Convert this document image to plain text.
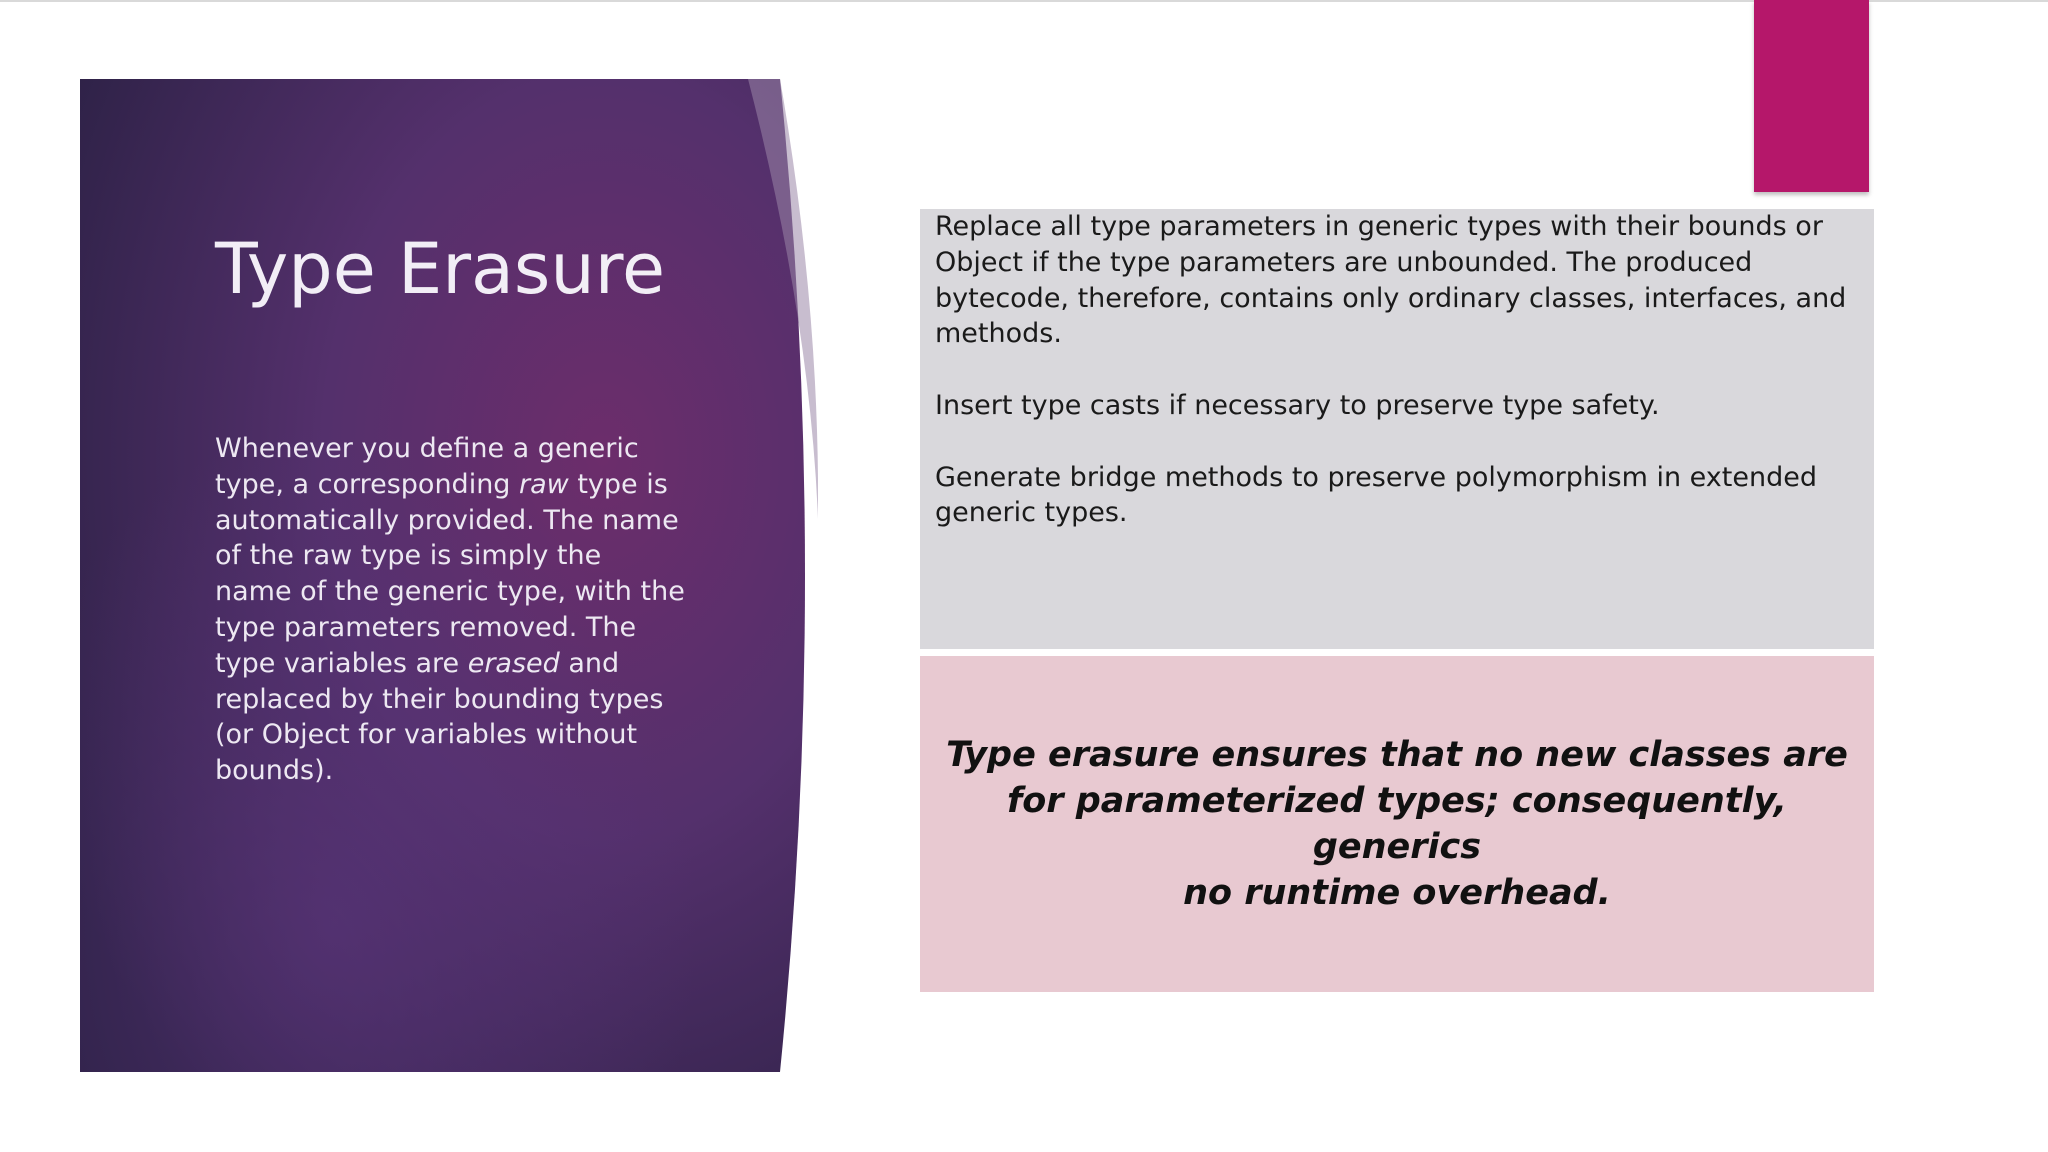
Type Erasure

Whenever you define a generic type, a corresponding raw type is automatically provided. The name of the raw type is simply the name of the generic type, with the type parameters removed. The type variables are erased and replaced by their bounding types (or Object for variables without bounds).

Replace all type parameters in generic types with their bounds or Object if the type parameters are unbounded. The produced bytecode, therefore, contains only ordinary classes, interfaces, and methods.

Insert type casts if necessary to preserve type safety.

Generate bridge methods to preserve polymorphism in extended generic types.

Type erasure ensures that no new classes are
for parameterized types; consequently, generics
no runtime overhead.
